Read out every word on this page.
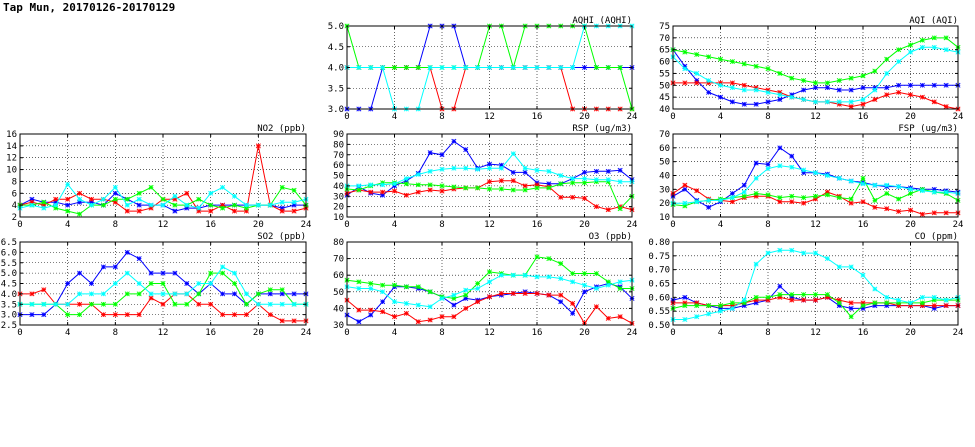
Tap Mun, 20170126-20170129
0	4	8	12	16	20	24
3.0
3.5
4.0
4.5
5.0
AQHI (AQHI)
0	4	8	12	16	20	24
40
45
50
55
60
65
70
75
AQI (AQI)
0	4	8	12	16	20	24
2
4
6
8
10
12
14
16
NO2 (ppb)
0	4	8	12	16	20	24
10
20
30
40
50
60
70
80
90
RSP (ug/m3)
0	4	8	12	16	20	24
10
20
30
40
50
60
70
FSP (ug/m3)
0	4	8	12	16	20	24
2.5
3.0
3.5
4.0
4.5
5.0
5.5
6.0
6.5
SO2 (ppb)
0	4	8	12	16	20	24
30
40
50
60
70
80
O3 (ppb)
0	4	8	12	16	20	24
0.50
0.55
0.60
0.65
0.70
0.75
0.80
CO (ppm)
